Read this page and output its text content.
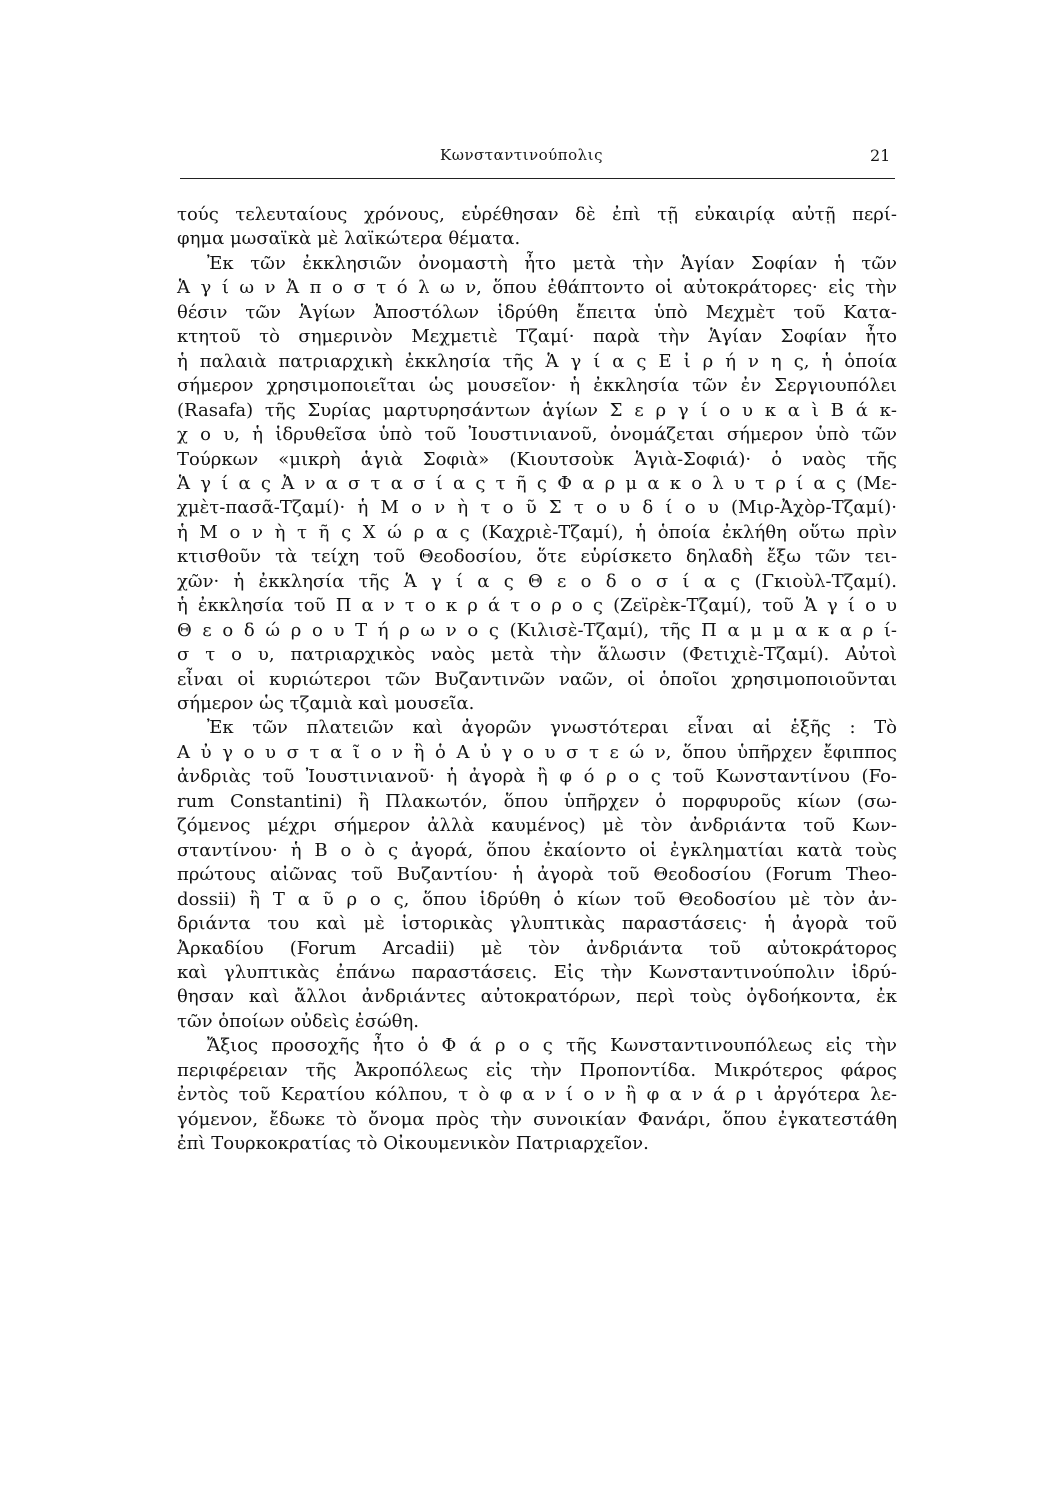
Κωνσταντινούπολις	21
τούς τελευταίους χρόνους, εὑρέθησαν δὲ ἐπὶ τῇ εὐκαιρίᾳ αὐτῇ περί-
φημα μωσαϊκὰ μὲ λαϊκώτερα θέματα.
Ἐκ τῶν ἐκκλησιῶν ὀνομαστὴ ἦτο μετὰ τὴν Ἁγίαν Σοφίαν ἡ τῶν
Ἁ γ ί ω ν Ἀ π ο σ τ ό λ ω ν, ὅπου ἐθάπτοντο οἱ αὐτοκράτορες· εἰς τὴν
θέσιν τῶν Ἁγίων Ἀποστόλων ἱδρύθη ἔπειτα ὑπὸ Μεχμὲτ τοῦ Κατα-
κτητοῦ τὸ σημερινὸν Μεχμετιὲ Τζαμί· παρὰ τὴν Ἁγίαν Σοφίαν ἦτο
ἡ παλαιὰ πατριαρχικὴ ἐκκλησία τῆς Ἁ γ ί α ς Ε ἰ ρ ή ν η ς, ἡ ὁποία
σήμερον χρησιμοποιεῖται ὡς μουσεῖον· ἡ ἐκκλησία τῶν ἐν Σεργιουπόλει
(Rasafa) τῆς Συρίας μαρτυρησάντων ἁγίων Σ ε ρ γ ί ο υ κ α ὶ Β ά κ-
χ ο υ, ἡ ἱδρυθεῖσα ὑπὸ τοῦ Ἰουστινιανοῦ, ὀνομάζεται σήμερον ὑπὸ τῶν
Τούρκων «μικρὴ ἁγιὰ Σοφιὰ» (Κιουτσοὺκ Ἁγιὰ-Σοφιά)· ὁ ναὸς τῆς
Ἁ γ ί α ς Ἀ ν α σ τ α σ ί α ς τ ῆ ς Φ α ρ μ α κ ο λ υ τ ρ ί α ς (Με-
χμὲτ-πασᾶ-Τζαμί)· ἡ Μ ο ν ὴ τ ο ῦ Σ τ ο υ δ ί ο υ (Μιρ-Ἀχὸρ-Τζαμί)·
ἡ Μ ο ν ὴ τ ῆ ς Χ ώ ρ α ς (Καχριὲ-Τζαμί), ἡ ὁποία ἐκλήθη οὕτω πρὶν
κτισθοῦν τὰ τείχη τοῦ Θεοδοσίου, ὅτε εὑρίσκετο δηλαδὴ ἔξω τῶν τει-
χῶν· ἡ ἐκκλησία τῆς Ἁ γ ί α ς Θ ε ο δ ο σ ί α ς (Γκιοὺλ-Τζαμί).
ἡ ἐκκλησία τοῦ Π α ν τ ο κ ρ ά τ ο ρ ο ς (Ζεϊρὲκ-Τζαμί), τοῦ Ἁ γ ί ο υ
Θ ε ο δ ώ ρ ο υ Τ ή ρ ω ν ο ς (Κιλισὲ-Τζαμί), τῆς Π α μ μ α κ α ρ ί-
σ τ ο υ, πατριαρχικὸς ναὸς μετὰ τὴν ἅλωσιν (Φετιχιὲ-Τζαμί). Αὐτοὶ
εἶναι οἱ κυριώτεροι τῶν Βυζαντινῶν ναῶν, οἱ ὁποῖοι χρησιμοποιοῦνται
σήμερον ὡς τζαμιὰ καὶ μουσεῖα.
Ἐκ τῶν πλατειῶν καὶ ἀγορῶν γνωστότεραι εἶναι αἱ ἑξῆς : Τὸ
Α ὐ γ ο υ σ τ α ῖ ο ν ἢ ὁ Α ὐ γ ο υ σ τ ε ώ ν, ὅπου ὑπῆρχεν ἔφιππος
ἀνδριὰς τοῦ Ἰουστινιανοῦ· ἡ ἀγορὰ ἢ φ ό ρ ο ς τοῦ Κωνσταντίνου (Fo-
rum Constantini) ἢ Πλακωτόν, ὅπου ὑπῆρχεν ὁ πορφυροῦς κίων (σω-
ζόμενος μέχρι σήμερον ἀλλὰ καυμένος) μὲ τὸν ἀνδριάντα τοῦ Κων-
σταντίνου· ἡ Β ο ὸ ς ἀγορά, ὅπου ἐκαίοντο οἱ ἐγκληματίαι κατὰ τοὺς
πρώτους αἰῶνας τοῦ Βυζαντίου· ἡ ἀγορὰ τοῦ Θεοδοσίου (Forum Theo-
dossii) ἢ Τ α ῦ ρ ο ς, ὅπου ἱδρύθη ὁ κίων τοῦ Θεοδοσίου μὲ τὸν ἀν-
δριάντα του καὶ μὲ ἱστορικὰς γλυπτικὰς παραστάσεις· ἡ ἀγορὰ τοῦ
Ἀρκαδίου (Forum Arcadii) μὲ τὸν ἀνδριάντα τοῦ αὐτοκράτορος
καὶ γλυπτικὰς ἐπάνω παραστάσεις. Εἰς τὴν Κωνσταντινούπολιν ἱδρύ-
θησαν καὶ ἄλλοι ἀνδριάντες αὐτοκρατόρων, περὶ τοὺς ὀγδοήκοντα, ἐκ
τῶν ὁποίων οὐδεὶς ἐσώθη.
Ἄξιος προσοχῆς ἦτο ὁ Φ ά ρ ο ς τῆς Κωνσταντινουπόλεως εἰς τὴν
περιφέρειαν τῆς Ἀκροπόλεως εἰς τὴν Προποντίδα. Μικρότερος φάρος
ἐντὸς τοῦ Κερατίου κόλπου, τ ὸ φ α ν ί ο ν ἢ φ α ν ά ρ ι ἀργότερα λε-
γόμενον, ἔδωκε τὸ ὄνομα πρὸς τὴν συνοικίαν Φανάρι, ὅπου ἐγκατεστάθη
ἐπὶ Τουρκοκρατίας τὸ Οἰκουμενικὸν Πατριαρχεῖον.
